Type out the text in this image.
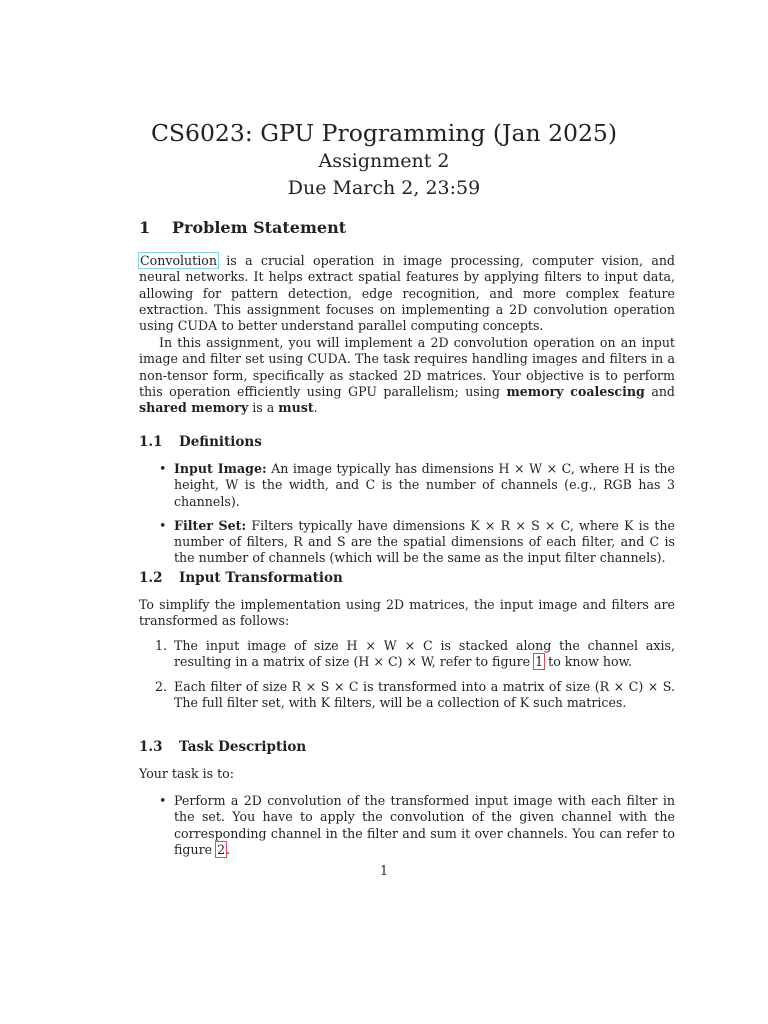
CS6023: GPU Programming (Jan 2025)

Assignment 2

Due March 2, 23:59

1 Problem Statement

Convolution is a crucial operation in image processing, computer vision, and neural networks. It helps extract spatial features by applying filters to input data, allowing for pattern detection, edge recognition, and more complex feature extraction. This assignment focuses on implementing a 2D convolution operation using CUDA to better understand parallel computing concepts.

In this assignment, you will implement a 2D convolution operation on an input image and filter set using CUDA. The task requires handling images and filters in a non-tensor form, specifically as stacked 2D matrices. Your objective is to perform this operation efficiently using GPU parallelism; using memory coalescing and shared memory is a must.

1.1 Definitions
• Input Image: An image typically has dimensions H × W × C, where H is the height, W is the width, and C is the number of channels (e.g., RGB has 3 channels).
• Filter Set: Filters typically have dimensions K × R × S × C, where K is the number of filters, R and S are the spatial dimensions of each filter, and C is the number of channels (which will be the same as the input filter channels).
1.2 Input Transformation

To simplify the implementation using 2D matrices, the input image and filters are transformed as follows:

1. The input image of size H × W × C is stacked along the channel axis, resulting in a matrix of size (H × C) × W, refer to figure 1 to know how.
2. Each filter of size R × S × C is transformed into a matrix of size (R × C) × S. The full filter set, with K filters, will be a collection of K such matrices.
1.3 Task Description

Your task is to:

• Perform a 2D convolution of the transformed input image with each filter in the set. You have to apply the convolution of the given channel with the corresponding channel in the filter and sum it over channels. You can refer to figure 2.
1
